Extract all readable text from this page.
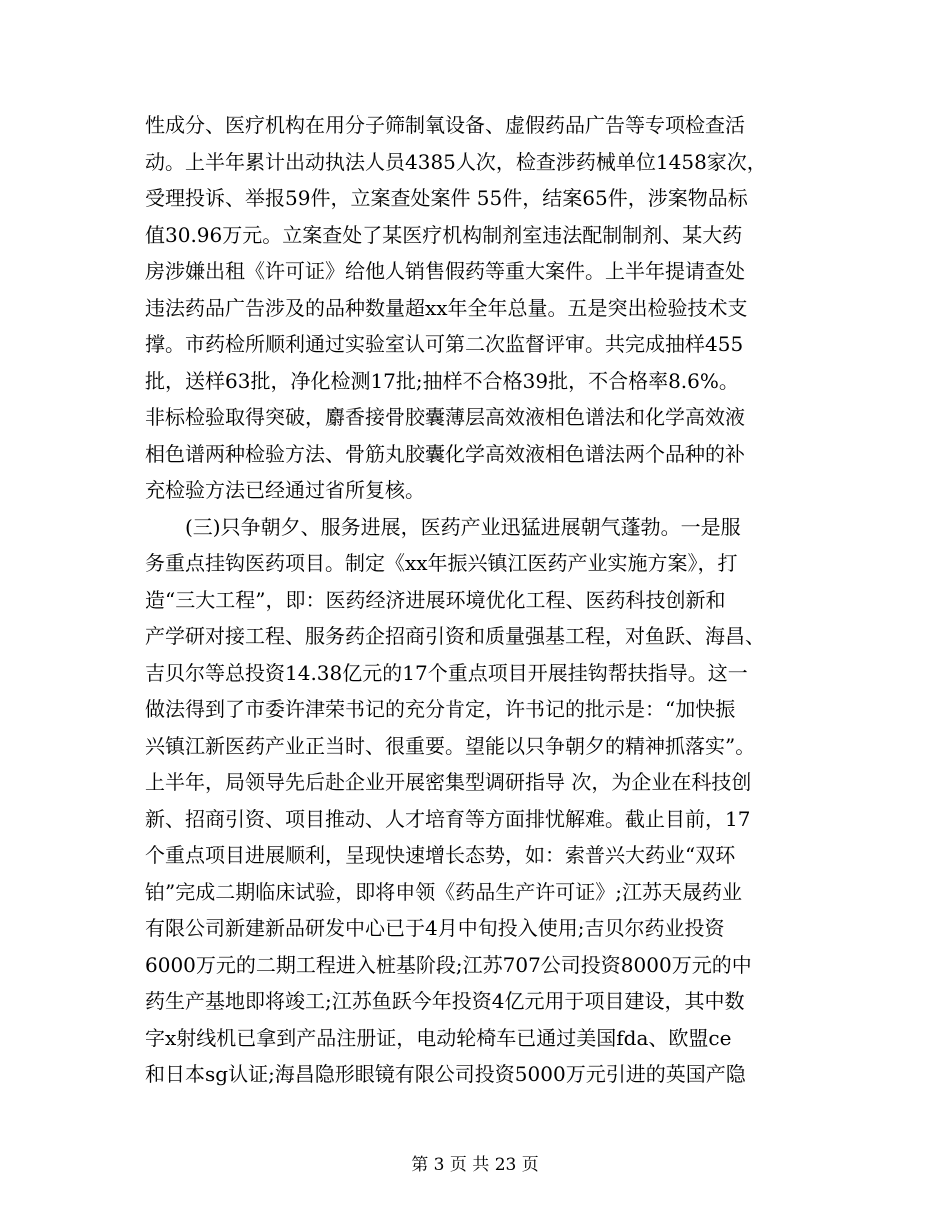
性成分、医疗机构在用分子筛制氧设备、虚假药品广告等专项检查活
动。上半年累计出动执法人员4385人次，检查涉药械单位1458家次，
受理投诉、举报59件，立案查处案件 55件，结案65件，涉案物品标
值30.96万元。立案查处了某医疗机构制剂室违法配制制剂、某大药
房涉嫌出租《许可证》给他人销售假药等重大案件。上半年提请查处
违法药品广告涉及的品种数量超xx年全年总量。五是突出检验技术支
撑。市药检所顺利通过实验室认可第二次监督评审。共完成抽样455
批，送样63批，净化检测17批;抽样不合格39批，不合格率8.6%。
非标检验取得突破，麝香接骨胶囊薄层高效液相色谱法和化学高效液
相色谱两种检验方法、骨筋丸胶囊化学高效液相色谱法两个品种的补
充检验方法已经通过省所复核。
(三)只争朝夕、服务进展，医药产业迅猛进展朝气蓬勃。一是服
务重点挂钩医药项目。制定《xx年振兴镇江医药产业实施方案》，打
造“三大工程”，即：医药经济进展环境优化工程、医药科技创新和
产学研对接工程、服务药企招商引资和质量强基工程，对鱼跃、海昌、
吉贝尔等总投资14.38亿元的17个重点项目开展挂钩帮扶指导。这一
做法得到了市委许津荣书记的充分肯定，许书记的批示是：“加快振
兴镇江新医药产业正当时、很重要。望能以只争朝夕的精神抓落实”。
上半年，局领导先后赴企业开展密集型调研指导 次，为企业在科技创
新、招商引资、项目推动、人才培育等方面排忧解难。截止目前，17
个重点项目进展顺利，呈现快速增长态势，如：索普兴大药业“双环
铂”完成二期临床试验，即将申领《药品生产许可证》;江苏天晟药业
有限公司新建新品研发中心已于4月中旬投入使用;吉贝尔药业投资
6000万元的二期工程进入桩基阶段;江苏707公司投资8000万元的中
药生产基地即将竣工;江苏鱼跃今年投资4亿元用于项目建设，其中数
字x射线机已拿到产品注册证，电动轮椅车已通过美国fda、欧盟ce
和日本sg认证;海昌隐形眼镜有限公司投资5000万元引进的英国产隐
第 3 页 共 23 页
